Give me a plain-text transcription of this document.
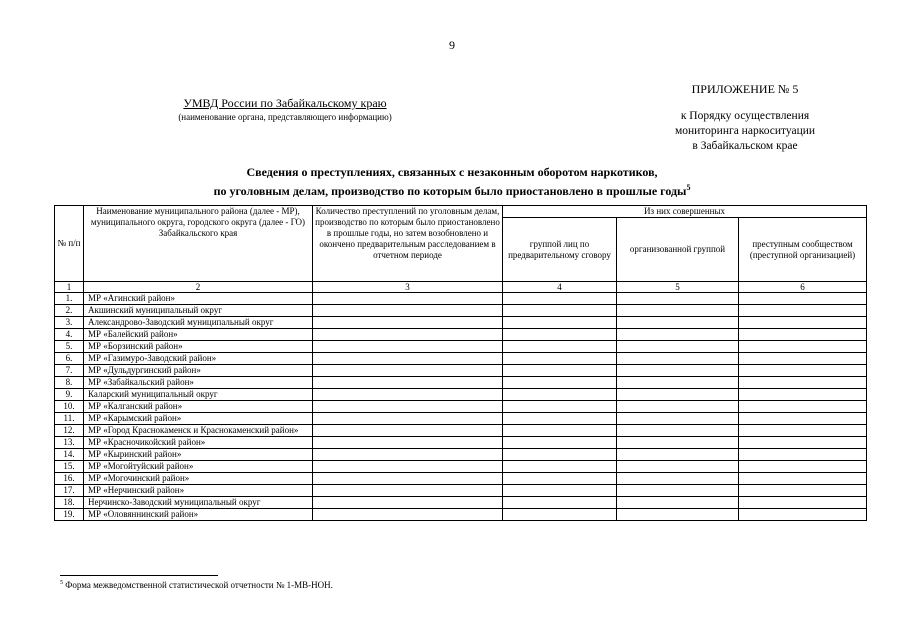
9
ПРИЛОЖЕНИЕ № 5
к Порядку осуществления
мониторинга наркоситуации
в Забайкальском крае
УМВД России по Забайкальскому краю
(наименование органа, представляющего информацию)
Сведения о преступлениях, связанных с незаконным оборотом наркотиков,
по уголовным делам, производство по которым было приостановлено в прошлые годы$^5$
№ п/п	Наименование муниципального района (далее - МР), муниципального округа, городского округа (далее - ГО) Забайкальского края	Количество преступлений по уголовным делам, производство по которым было приостановлено в прошлые годы, но затем возобновлено и окончено предварительным расследованием в отчетном периоде	Из них совершенных		
			группой лиц по предварительному сговору	организованной группой	преступным сообществом (преступной организацией)
1	2	3	4	5	6
1.	МР «Агинский район»				
2.	Акшинский муниципальный округ				
3.	Александрово-Заводский муниципальный округ				
4.	МР «Балейский район»				
5.	МР «Борзинский район»				
6.	МР «Газимуро-Заводский район»				
7.	МР «Дульдургинский район»				
8.	МР «Забайкальский район»				
9.	Каларский муниципальный округ				
10.	МР «Калганский район»				
11.	МР «Карымский район»				
12.	МР «Город Краснокаменск и Краснокаменский район»				
13.	МР «Красночикойский район»				
14.	МР «Кыринский район»				
15.	МР «Могойтуйский район»				
16.	МР «Могочинский район»				
17.	МР «Нерчинский район»				
18.	Нерчинско-Заводский муниципальный округ				
19.	МР «Оловяннинский район»				
$^5$ Форма межведомственной статистической отчетности № 1-МВ-НОН.
